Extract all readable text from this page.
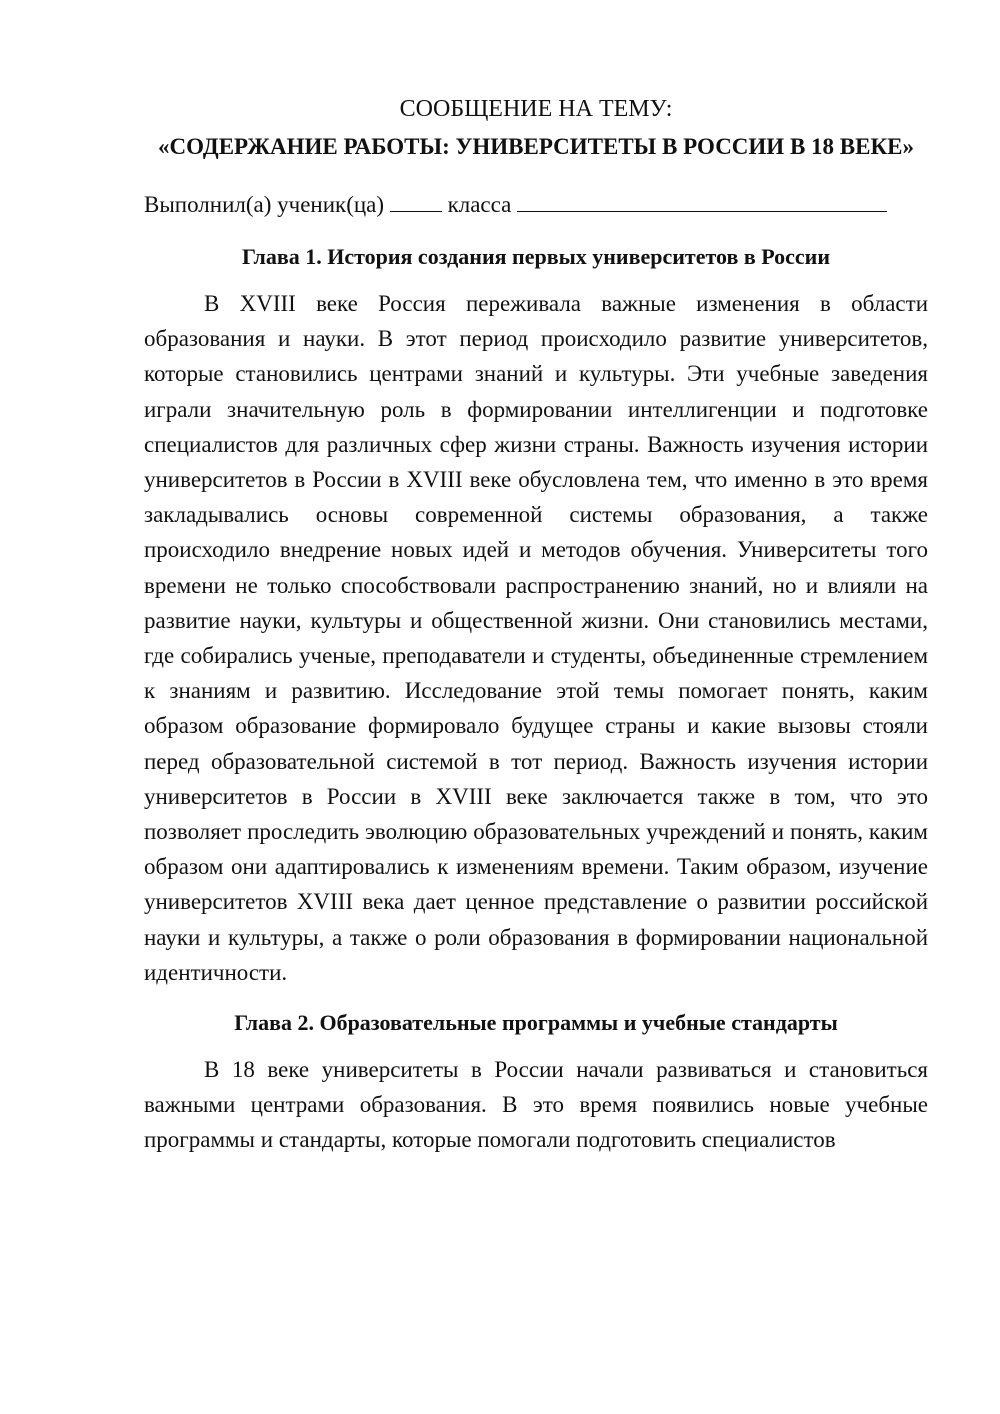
СООБЩЕНИЕ НА ТЕМУ:

«СОДЕРЖАНИЕ РАБОТЫ: УНИВЕРСИТЕТЫ В РОССИИ В 18 ВЕКЕ»

Выполнил(а) ученик(ца)	класса

Глава 1. История создания первых университетов в России

В XVIII веке Россия переживала важные изменения в области образования и науки. В этот период происходило развитие университетов, которые становились центрами знаний и культуры. Эти учебные заведения играли значительную роль в формировании интеллигенции и подготовке специалистов для различных сфер жизни страны. Важность изучения истории университетов в России в XVIII веке обусловлена тем, что именно в это время закладывались основы современной системы образования, а также происходило внедрение новых идей и методов обучения. Университеты того времени не только способствовали распространению знаний, но и влияли на развитие науки, культуры и общественной жизни. Они становились местами, где собирались ученые, преподаватели и студенты, объединенные стремлением к знаниям и развитию. Исследование этой темы помогает понять, каким образом образование формировало будущее страны и какие вызовы стояли перед образовательной системой в тот период. Важность изучения истории университетов в России в XVIII веке заключается также в том, что это позволяет проследить эволюцию образовательных учреждений и понять, каким образом они адаптировались к изменениям времени. Таким образом, изучение университетов XVIII века дает ценное представление о развитии российской науки и культуры, а также о роли образования в формировании национальной идентичности.

Глава 2. Образовательные программы и учебные стандарты

В 18 веке университеты в России начали развиваться и становиться важными центрами образования. В это время появились новые учебные программы и стандарты, которые помогали подготовить специалистов
